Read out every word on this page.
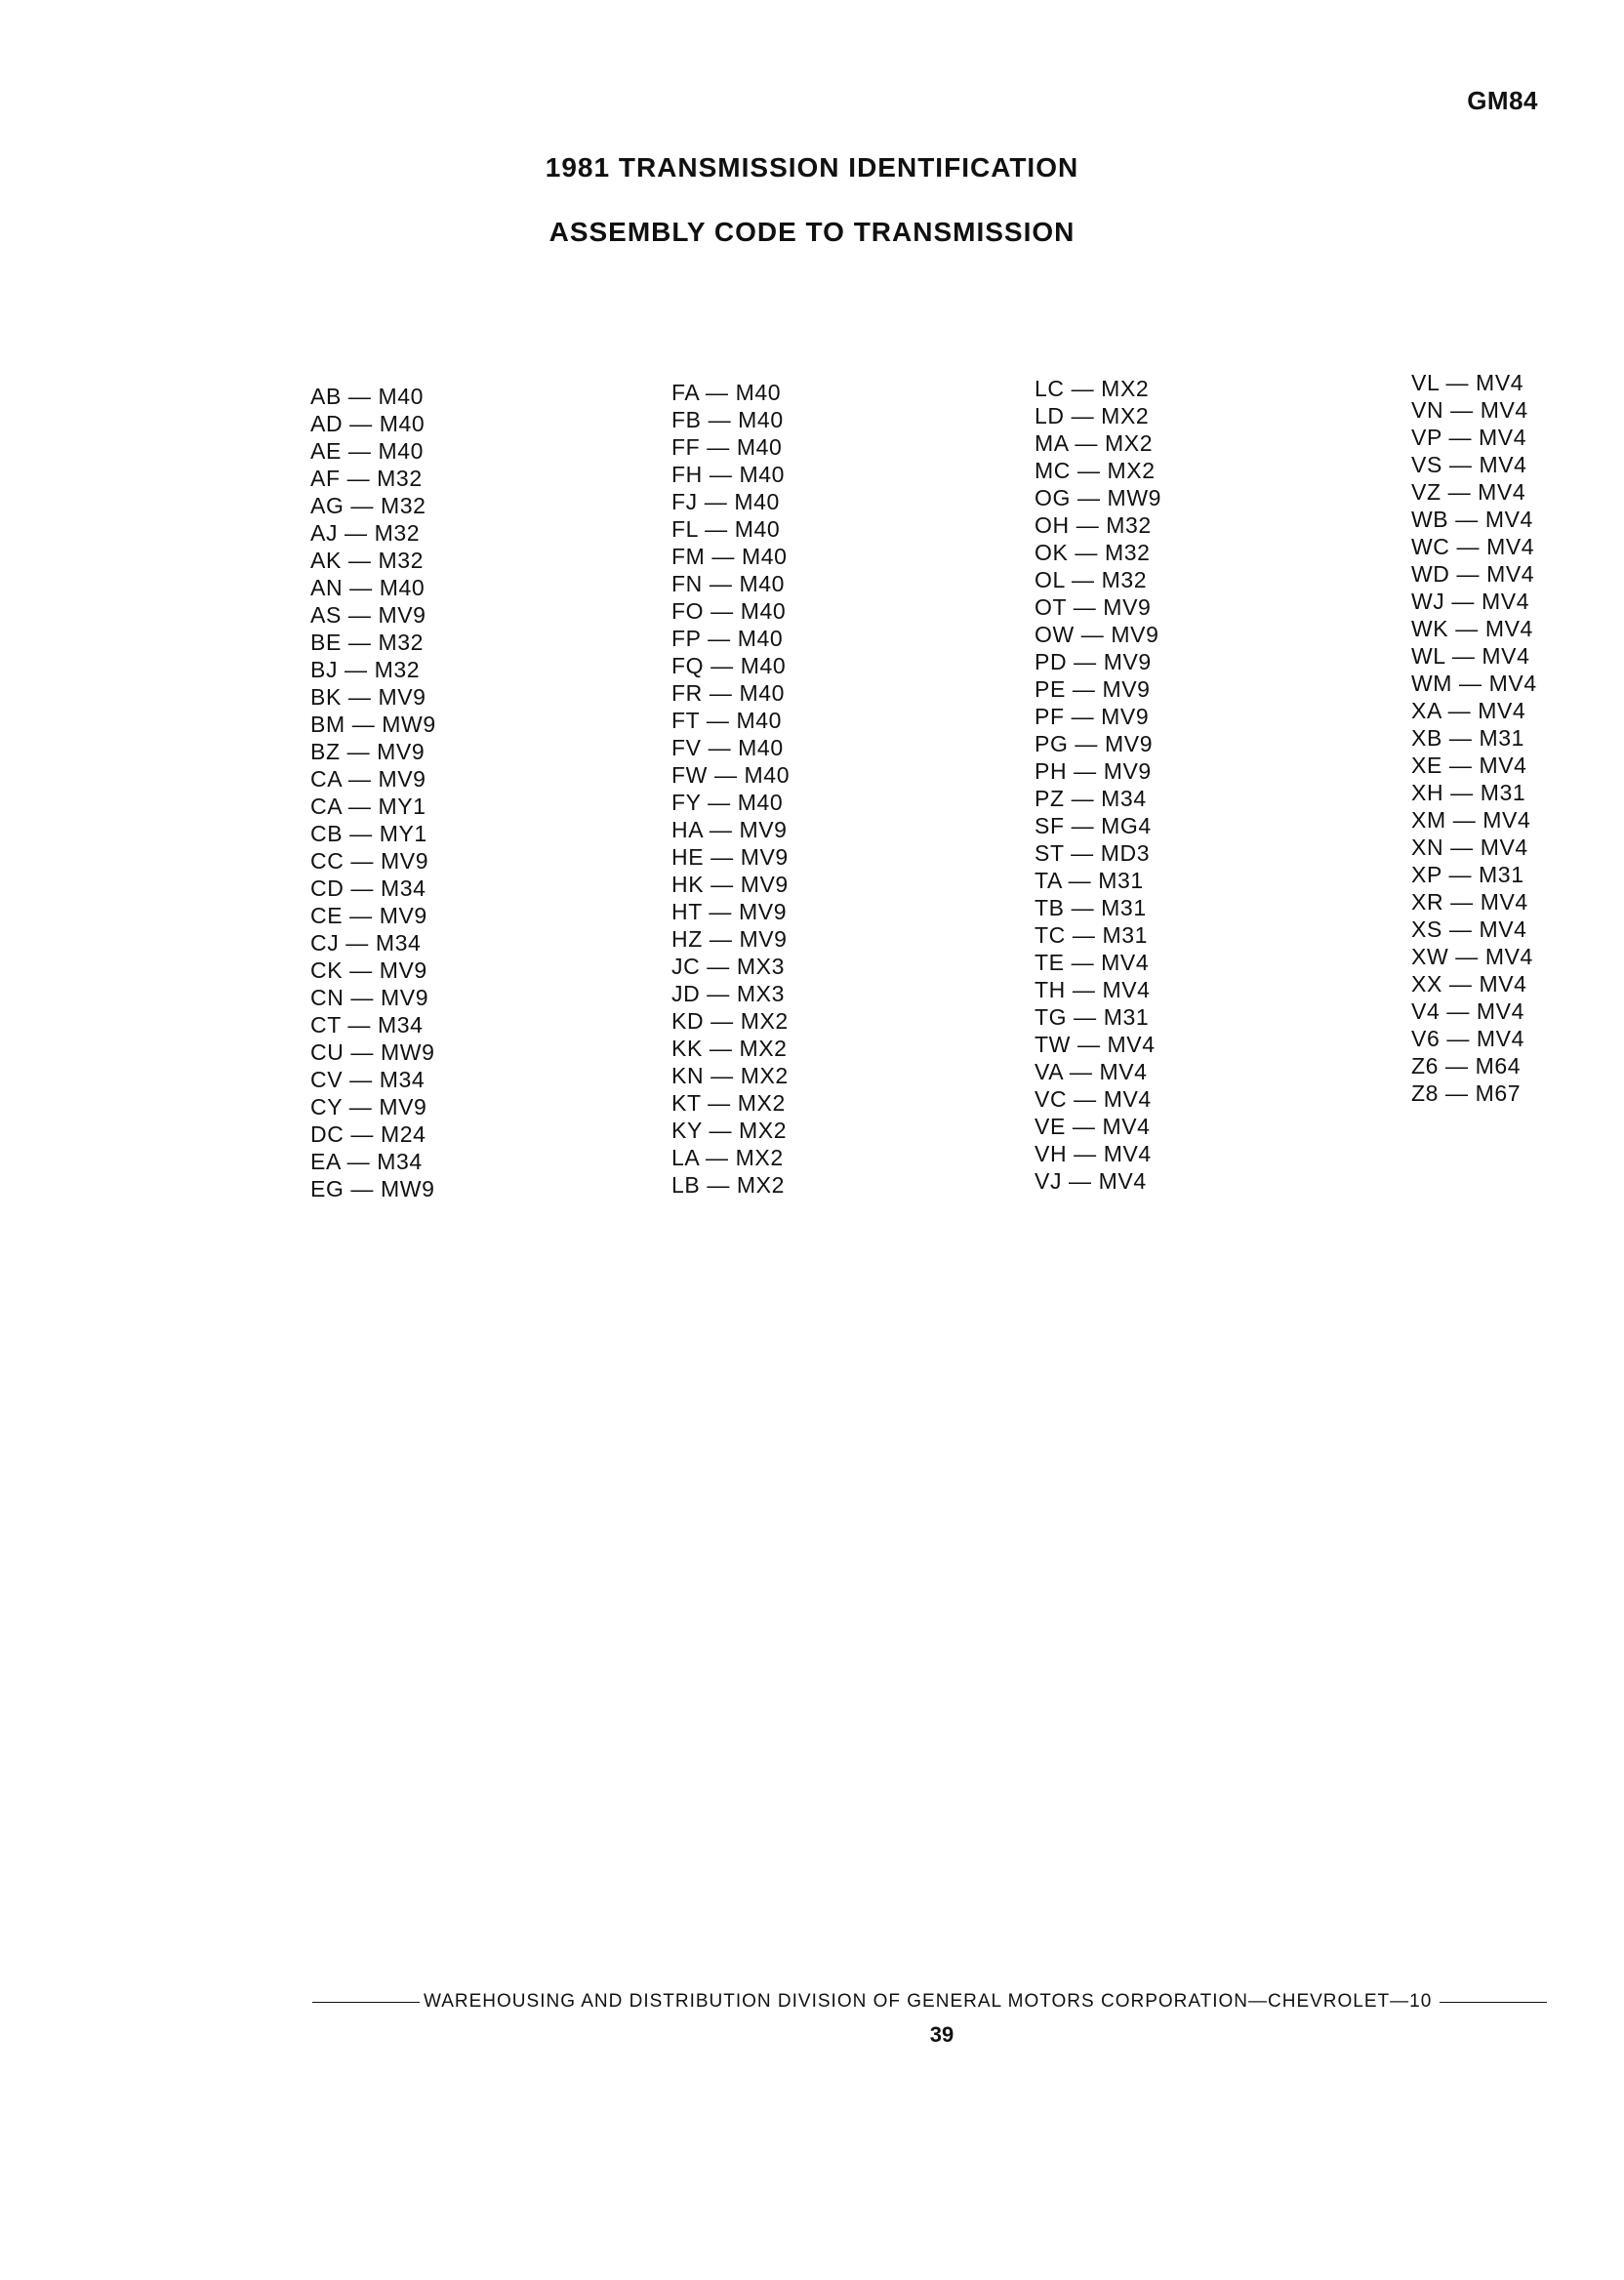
GM84
1981 TRANSMISSION IDENTIFICATION
ASSEMBLY CODE TO TRANSMISSION
AB — M40
AD — M40
AE — M40
AF — M32
AG — M32
AJ — M32
AK — M32
AN — M40
AS — MV9
BE — M32
BJ — M32
BK — MV9
BM — MW9
BZ — MV9
CA — MV9
CA — MY1
CB — MY1
CC — MV9
CD — M34
CE — MV9
CJ — M34
CK — MV9
CN — MV9
CT — M34
CU — MW9
CV — M34
CY — MV9
DC — M24
EA — M34
EG — MW9
FA — M40
FB — M40
FF — M40
FH — M40
FJ — M40
FL — M40
FM — M40
FN — M40
FO — M40
FP — M40
FQ — M40
FR — M40
FT — M40
FV — M40
FW — M40
FY — M40
HA — MV9
HE — MV9
HK — MV9
HT — MV9
HZ — MV9
JC — MX3
JD — MX3
KD — MX2
KK — MX2
KN — MX2
KT — MX2
KY — MX2
LA — MX2
LB — MX2
LC — MX2
LD — MX2
MA — MX2
MC — MX2
OG — MW9
OH — M32
OK — M32
OL — M32
OT — MV9
OW — MV9
PD — MV9
PE — MV9
PF — MV9
PG — MV9
PH — MV9
PZ — M34
SF — MG4
ST — MD3
TA — M31
TB — M31
TC — M31
TE — MV4
TH — MV4
TG — M31
TW — MV4
VA — MV4
VC — MV4
VE — MV4
VH — MV4
VJ — MV4
VL — MV4
VN — MV4
VP — MV4
VS — MV4
VZ — MV4
WB — MV4
WC — MV4
WD — MV4
WJ — MV4
WK — MV4
WL — MV4
WM — MV4
XA — MV4
XB — M31
XE — MV4
XH — M31
XM — MV4
XN — MV4
XP — M31
XR — MV4
XS — MV4
XW — MV4
XX — MV4
V4 — MV4
V6 — MV4
Z6 — M64
Z8 — M67
WAREHOUSING AND DISTRIBUTION DIVISION OF GENERAL MOTORS CORPORATION—CHEVROLET—10
39
